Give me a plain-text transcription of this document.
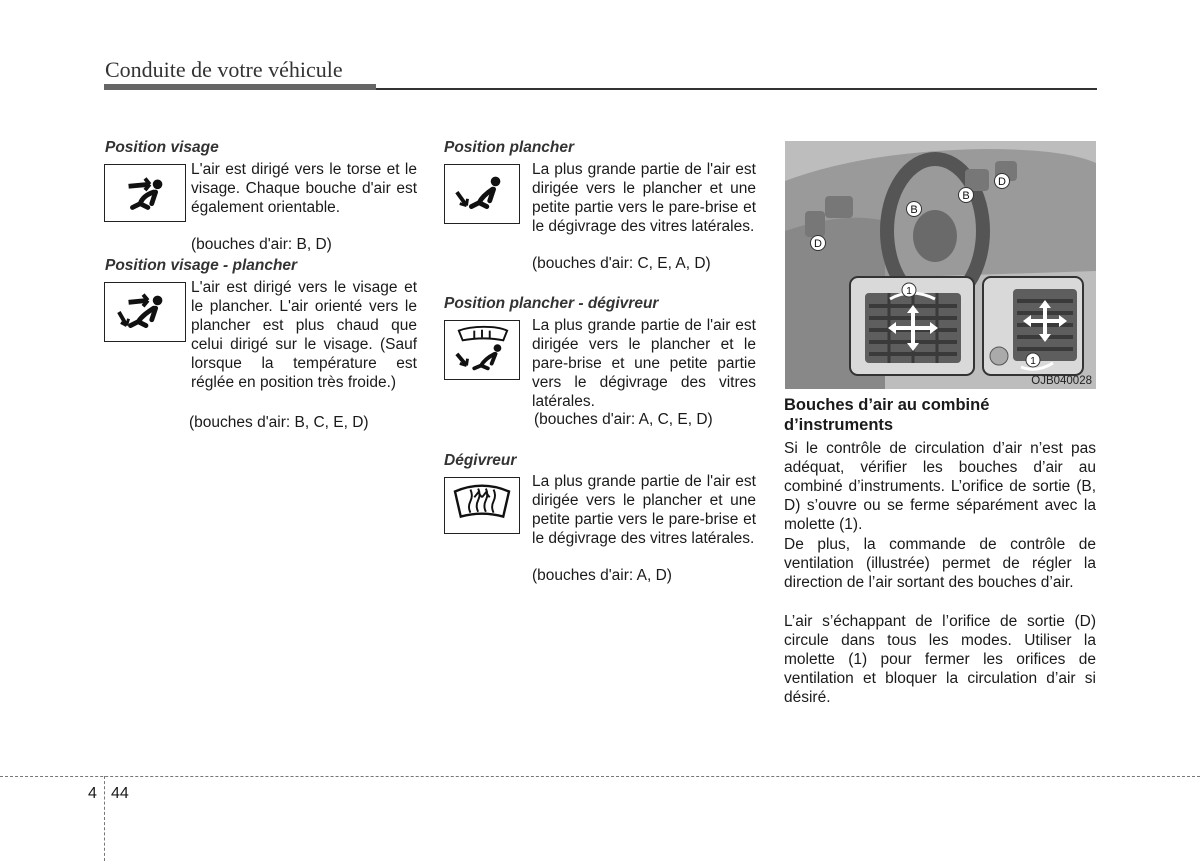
Conduite de votre véhicule
Position visage

L'air est dirigé vers le torse et le visage. Chaque bouche d'air est également orientable.

(bouches d'air: B, D)
Position visage - plancher

L'air est dirigé vers le visage et le plancher. L'air orienté vers le plancher est plus chaud que celui dirigé sur le visage. (Sauf lorsque la température est réglée en position très froide.)

(bouches d'air: B, C, E, D)
Position plancher

La plus grande partie de l'air est dirigée vers le plancher et une petite partie vers le pare-brise et le dégivrage des vitres latérales.

(bouches d'air: C, E, A, D)
Position plancher - dégivreur

La plus grande partie de l'air est dirigée vers le plancher et le pare-brise et une petite partie vers le dégivrage des vitres latérales.

(bouches d'air: A, C, E, D)
Dégivreur

La plus grande partie de l'air est dirigée vers le plancher et une petite partie vers le pare-brise et le dégivrage des vitres latérales.

(bouches d'air: A, D)
B
B
D
D
1
1
OJB040028
Bouches d’air au combiné d’instruments

Si le contrôle de circulation d’air n’est pas adéquat, vérifier les bouches d’air au combiné d’instruments. L’orifice de sortie (B, D) s’ouvre ou se ferme séparément avec la molette (1).

De plus, la commande de contrôle de ventilation (illustrée) permet de régler la direction de l’air sortant des bouches d’air.

L’air s’échappant de l’orifice de sortie (D) circule dans tous les modes. Utiliser la molette (1) pour fermer les orifices de ventilation et bloquer la circulation d’air si désiré.

4 44
